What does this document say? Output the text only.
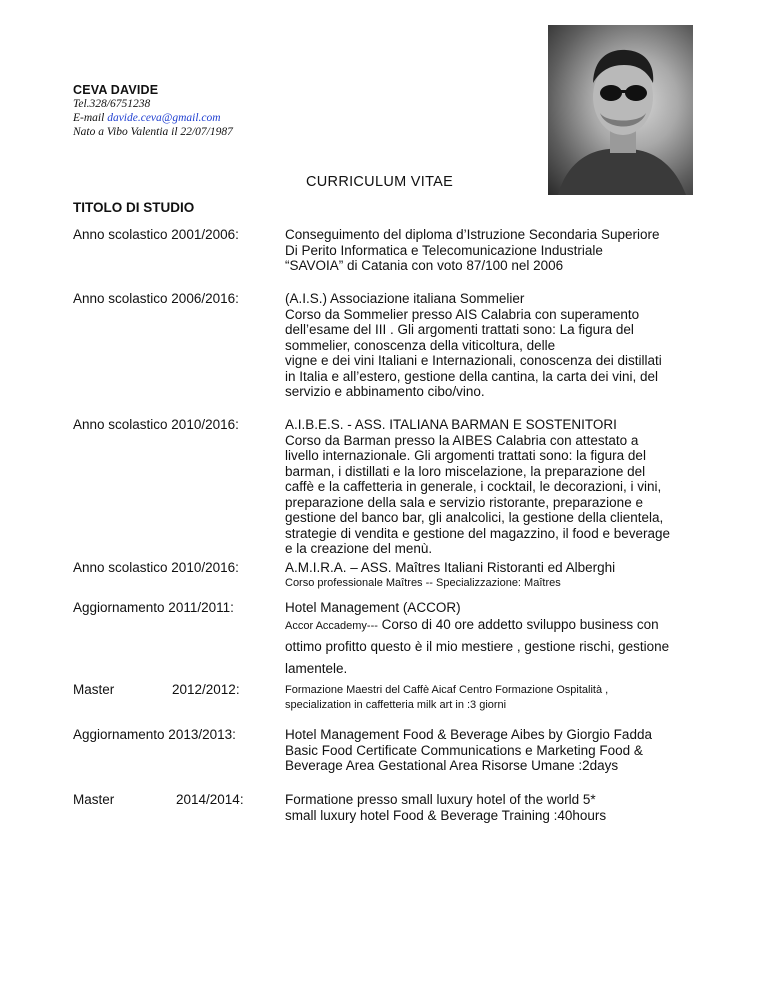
CEVA DAVIDE
Tel.328/6751238
E-mail davide.ceva@gmail.com
Nato a Vibo Valentia il 22/07/1987
CURRICULUM VITAE
TITOLO DI STUDIO
Anno scolastico 2001/2006:	Conseguimento del diploma d’Istruzione Secondaria Superiore
Di Perito Informatica e Telecomunicazione Industriale
“SAVOIA” di Catania con voto 87/100 nel 2006
Anno scolastico 2006/2016:	(A.I.S.) Associazione italiana Sommelier
Corso da Sommelier presso AIS Calabria con superamento
dell’esame del III . Gli argomenti trattati sono: La figura del
sommelier, conoscenza della viticoltura, delle
vigne e dei vini Italiani e Internazionali, conoscenza dei distillati
in Italia e all’estero, gestione della cantina, la carta dei vini, del
servizio e abbinamento cibo/vino.
Anno scolastico 2010/2016:	A.I.B.E.S. - ASS. ITALIANA BARMAN E SOSTENITORI
Corso da Barman presso la AIBES Calabria con attestato a
livello internazionale. Gli argomenti trattati sono: la figura del
barman, i distillati e la loro miscelazione, la preparazione del
caffè e la caffetteria in generale, i cocktail, le decorazioni, i vini,
preparazione della sala e servizio ristorante, preparazione e
gestione del banco bar, gli analcolici, la gestione della clientela,
strategie di vendita e gestione del magazzino, il food e beverage
e la creazione del menù.
Anno scolastico 2010/2016:	A.M.I.R.A. – ASS. Maîtres Italiani Ristoranti ed Alberghi
Corso professionale Maîtres -- Specializzazione: Maîtres
Aggiornamento 2011/2011:	Hotel Management (ACCOR)
Accor Accademy--- Corso di 40 ore addetto sviluppo business con
ottimo profitto questo è il mio mestiere , gestione rischi, gestione
lamentele.
Master	2012/2012:	Formazione Maestri del Caffè Aicaf Centro Formazione Ospitalità ,
specialization in caffetteria milk art in :3 giorni
Aggiornamento 2013/2013:	Hotel Management Food & Beverage Aibes by Giorgio Fadda
Basic Food Certificate Communications e Marketing Food &
Beverage Area Gestational Area Risorse Umane :2days
Master	2014/2014:	Formatione presso small luxury hotel of the world 5*
small luxury hotel Food & Beverage Training :40hours
